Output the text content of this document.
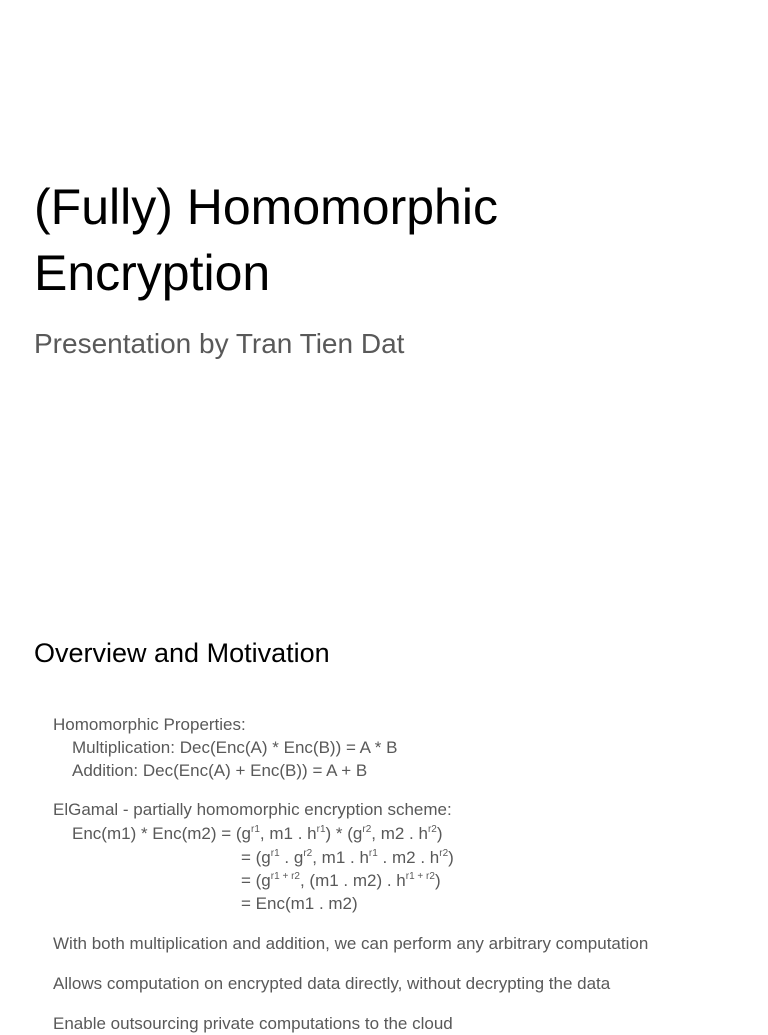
(Fully) Homomorphic Encryption
Presentation by Tran Tien Dat
Overview and Motivation
Homomorphic Properties:
Multiplication: Dec(Enc(A) * Enc(B)) = A * B
Addition: Dec(Enc(A) + Enc(B)) = A + B
ElGamal - partially homomorphic encryption scheme:
$Enc(m1) * Enc(m2) = (g^{r1}$, m1 . $h^{r1}) * (g^{r2}$, m2 . $h^{r2}$)
= ($g^{r1}$ . $g^{r2}$, m1 . $h^{r1}$ . m2 . $h^{r2}$)
= ($g^{r1 + r2}$, (m1 . m2) . $h^{r1 + r2}$)
= Enc(m1 . m2)
With both multiplication and addition, we can perform any arbitrary computation
Allows computation on encrypted data directly, without decrypting the data
Enable outsourcing private computations to the cloud
